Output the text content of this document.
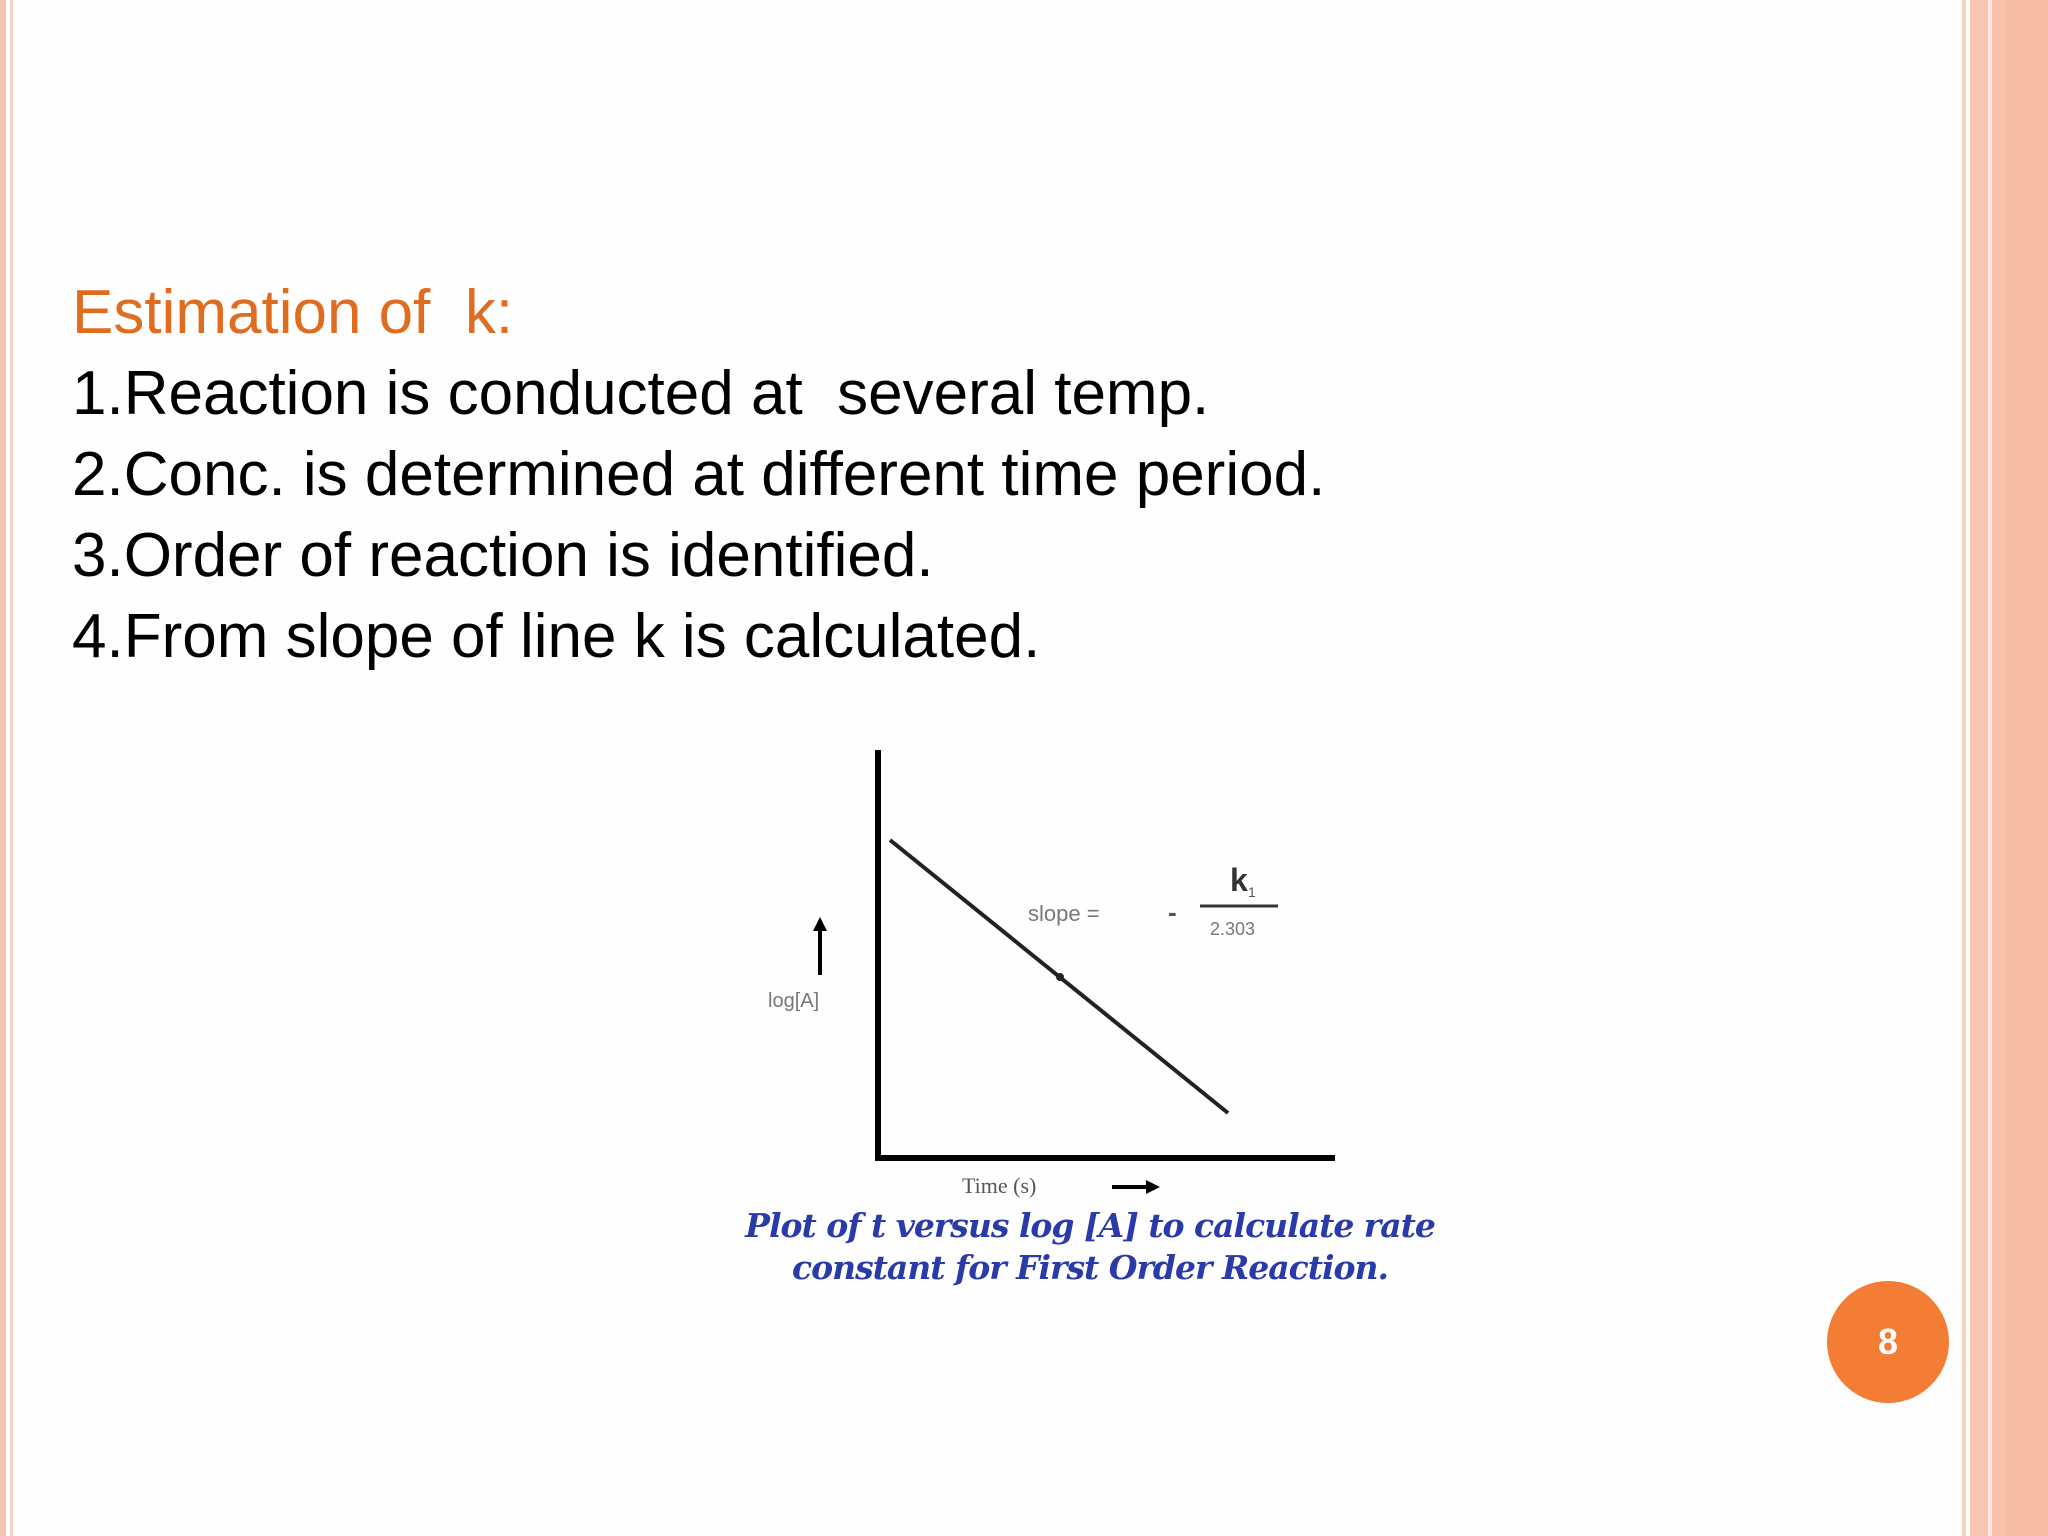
Estimation of  k:
1.Reaction is conducted at  several temp.
2.Conc. is determined at different time period.
3.Order of reaction is identified.
4.From slope of line k is calculated.
log[A]
Time (s)
slope =	-
k 1
2.303
Plot of t versus log [A] to calculate rate
constant for First Order Reaction.
8
